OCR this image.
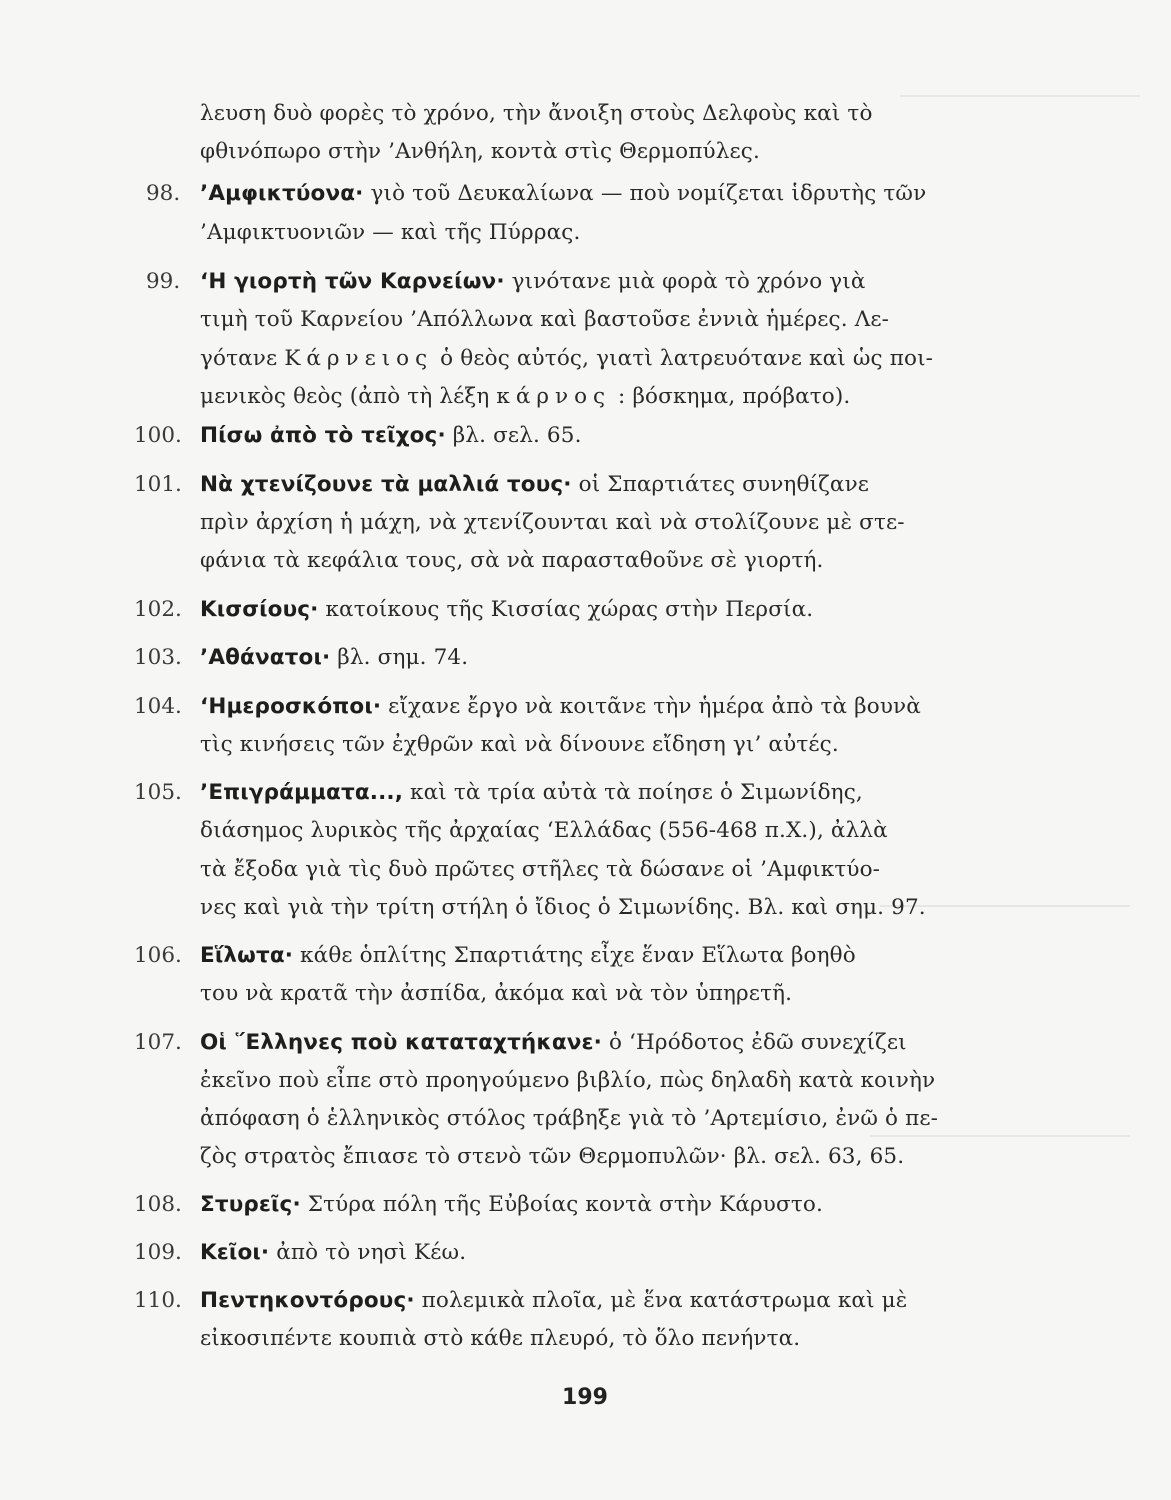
λευση δυὸ φορὲς τὸ χρόνο, τὴν ἄνοιξη στοὺς Δελφοὺς καὶ τὸ
φθινόπωρο στὴν ’Ανθήλη, κοντὰ στὶς Θερμοπύλες.
98. ’Αμφικτύονα· γιὸ τοῦ Δευκαλίωνα — ποὺ νομίζεται ἱδρυτὴς τῶν
’Αμφικτυονιῶν — καὶ τῆς Πύρρας.
99. ‘Η γιορτὴ τῶν Καρνείων· γινότανε μιὰ φορὰ τὸ χρόνο γιὰ
τιμὴ τοῦ Καρνείου ’Απόλλωνα καὶ βαστοῦσε ἐννιὰ ἡμέρες. Λε-
γότανε Κάρνειος ὁ θεὸς αὐτός, γιατὶ λατρευότανε καὶ ὡς ποι-
μενικὸς θεὸς (ἀπὸ τὴ λέξη κάρνος : βόσκημα, πρόβατο).
100. Πίσω ἀπὸ τὸ τεῖχος· βλ. σελ. 65.
101. Νὰ χτενίζουνε τὰ μαλλιά τους· οἱ Σπαρτιάτες συνηθίζανε
πρὶν ἀρχίση ἡ μάχη, νὰ χτενίζουνται καὶ νὰ στολίζουνε μὲ στε-
φάνια τὰ κεφάλια τους, σὰ νὰ παρασταθοῦνε σὲ γιορτή.
102. Κισσίους· κατοίκους τῆς Κισσίας χώρας στὴν Περσία.
103. ’Αθάνατοι· βλ. σημ. 74.
104. ‘Ημεροσκόποι· εἴχανε ἔργο νὰ κοιτᾶνε τὴν ἡμέρα ἀπὸ τὰ βουνὰ
τὶς κινήσεις τῶν ἐχθρῶν καὶ νὰ δίνουνε εἴδηση γι’ αὐτές.
105. ’Επιγράμματα..., καὶ τὰ τρία αὐτὰ τὰ ποίησε ὁ Σιμωνίδης,
διάσημος λυρικὸς τῆς ἀρχαίας ‘Ελλάδας (556-468 π.Χ.), ἀλλὰ
τὰ ἔξοδα γιὰ τὶς δυὸ πρῶτες στῆλες τὰ δώσανε οἱ ’Αμφικτύο-
νες καὶ γιὰ τὴν τρίτη στήλη ὁ ἴδιος ὁ Σιμωνίδης. Βλ. καὶ σημ. 97.
106. Εἵλωτα· κάθε ὁπλίτης Σπαρτιάτης εἶχε ἕναν Εἵλωτα βοηθὸ
του νὰ κρατᾶ τὴν ἀσπίδα, ἀκόμα καὶ νὰ τὸν ὑπηρετῆ.
107. Οἱ ῞Ελληνες ποὺ καταταχτήκανε· ὁ ‘Ηρόδοτος ἐδῶ συνεχίζει
ἐκεῖνο ποὺ εἶπε στὸ προηγούμενο βιβλίο, πὼς δηλαδὴ κατὰ κοινὴν
ἀπόφαση ὁ ἑλληνικὸς στόλος τράβηξε γιὰ τὸ ’Αρτεμίσιο, ἐνῶ ὁ πε-
ζὸς στρατὸς ἔπιασε τὸ στενὸ τῶν Θερμοπυλῶν· βλ. σελ. 63, 65.
108. Στυρεῖς· Στύρα πόλη τῆς Εὐβοίας κοντὰ στὴν Κάρυστο.
109. Κεῖοι· ἀπὸ τὸ νησὶ Κέω.
110. Πεντηκοντόρους· πολεμικὰ πλοῖα, μὲ ἕνα κατάστρωμα καὶ μὲ
εἰκοσιπέντε κουπιὰ στὸ κάθε πλευρό, τὸ ὅλο πενήντα.
199
